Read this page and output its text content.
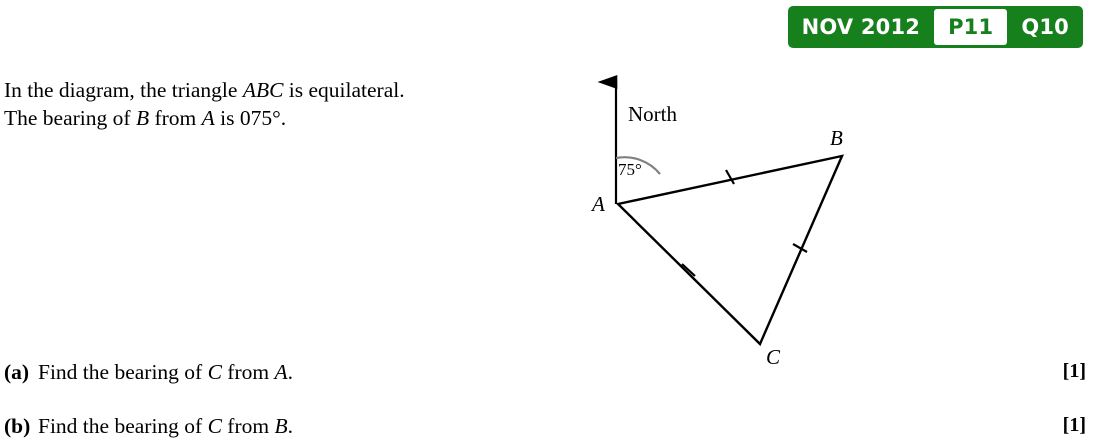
NOV 2012	P11	Q10
In the diagram, the triangle ABC is equilateral.
The bearing of B from A is 075°.
(a) Find the bearing of C from A.	[1]
(b) Find the bearing of C from B.	[1]
North
75°
A
B
C
